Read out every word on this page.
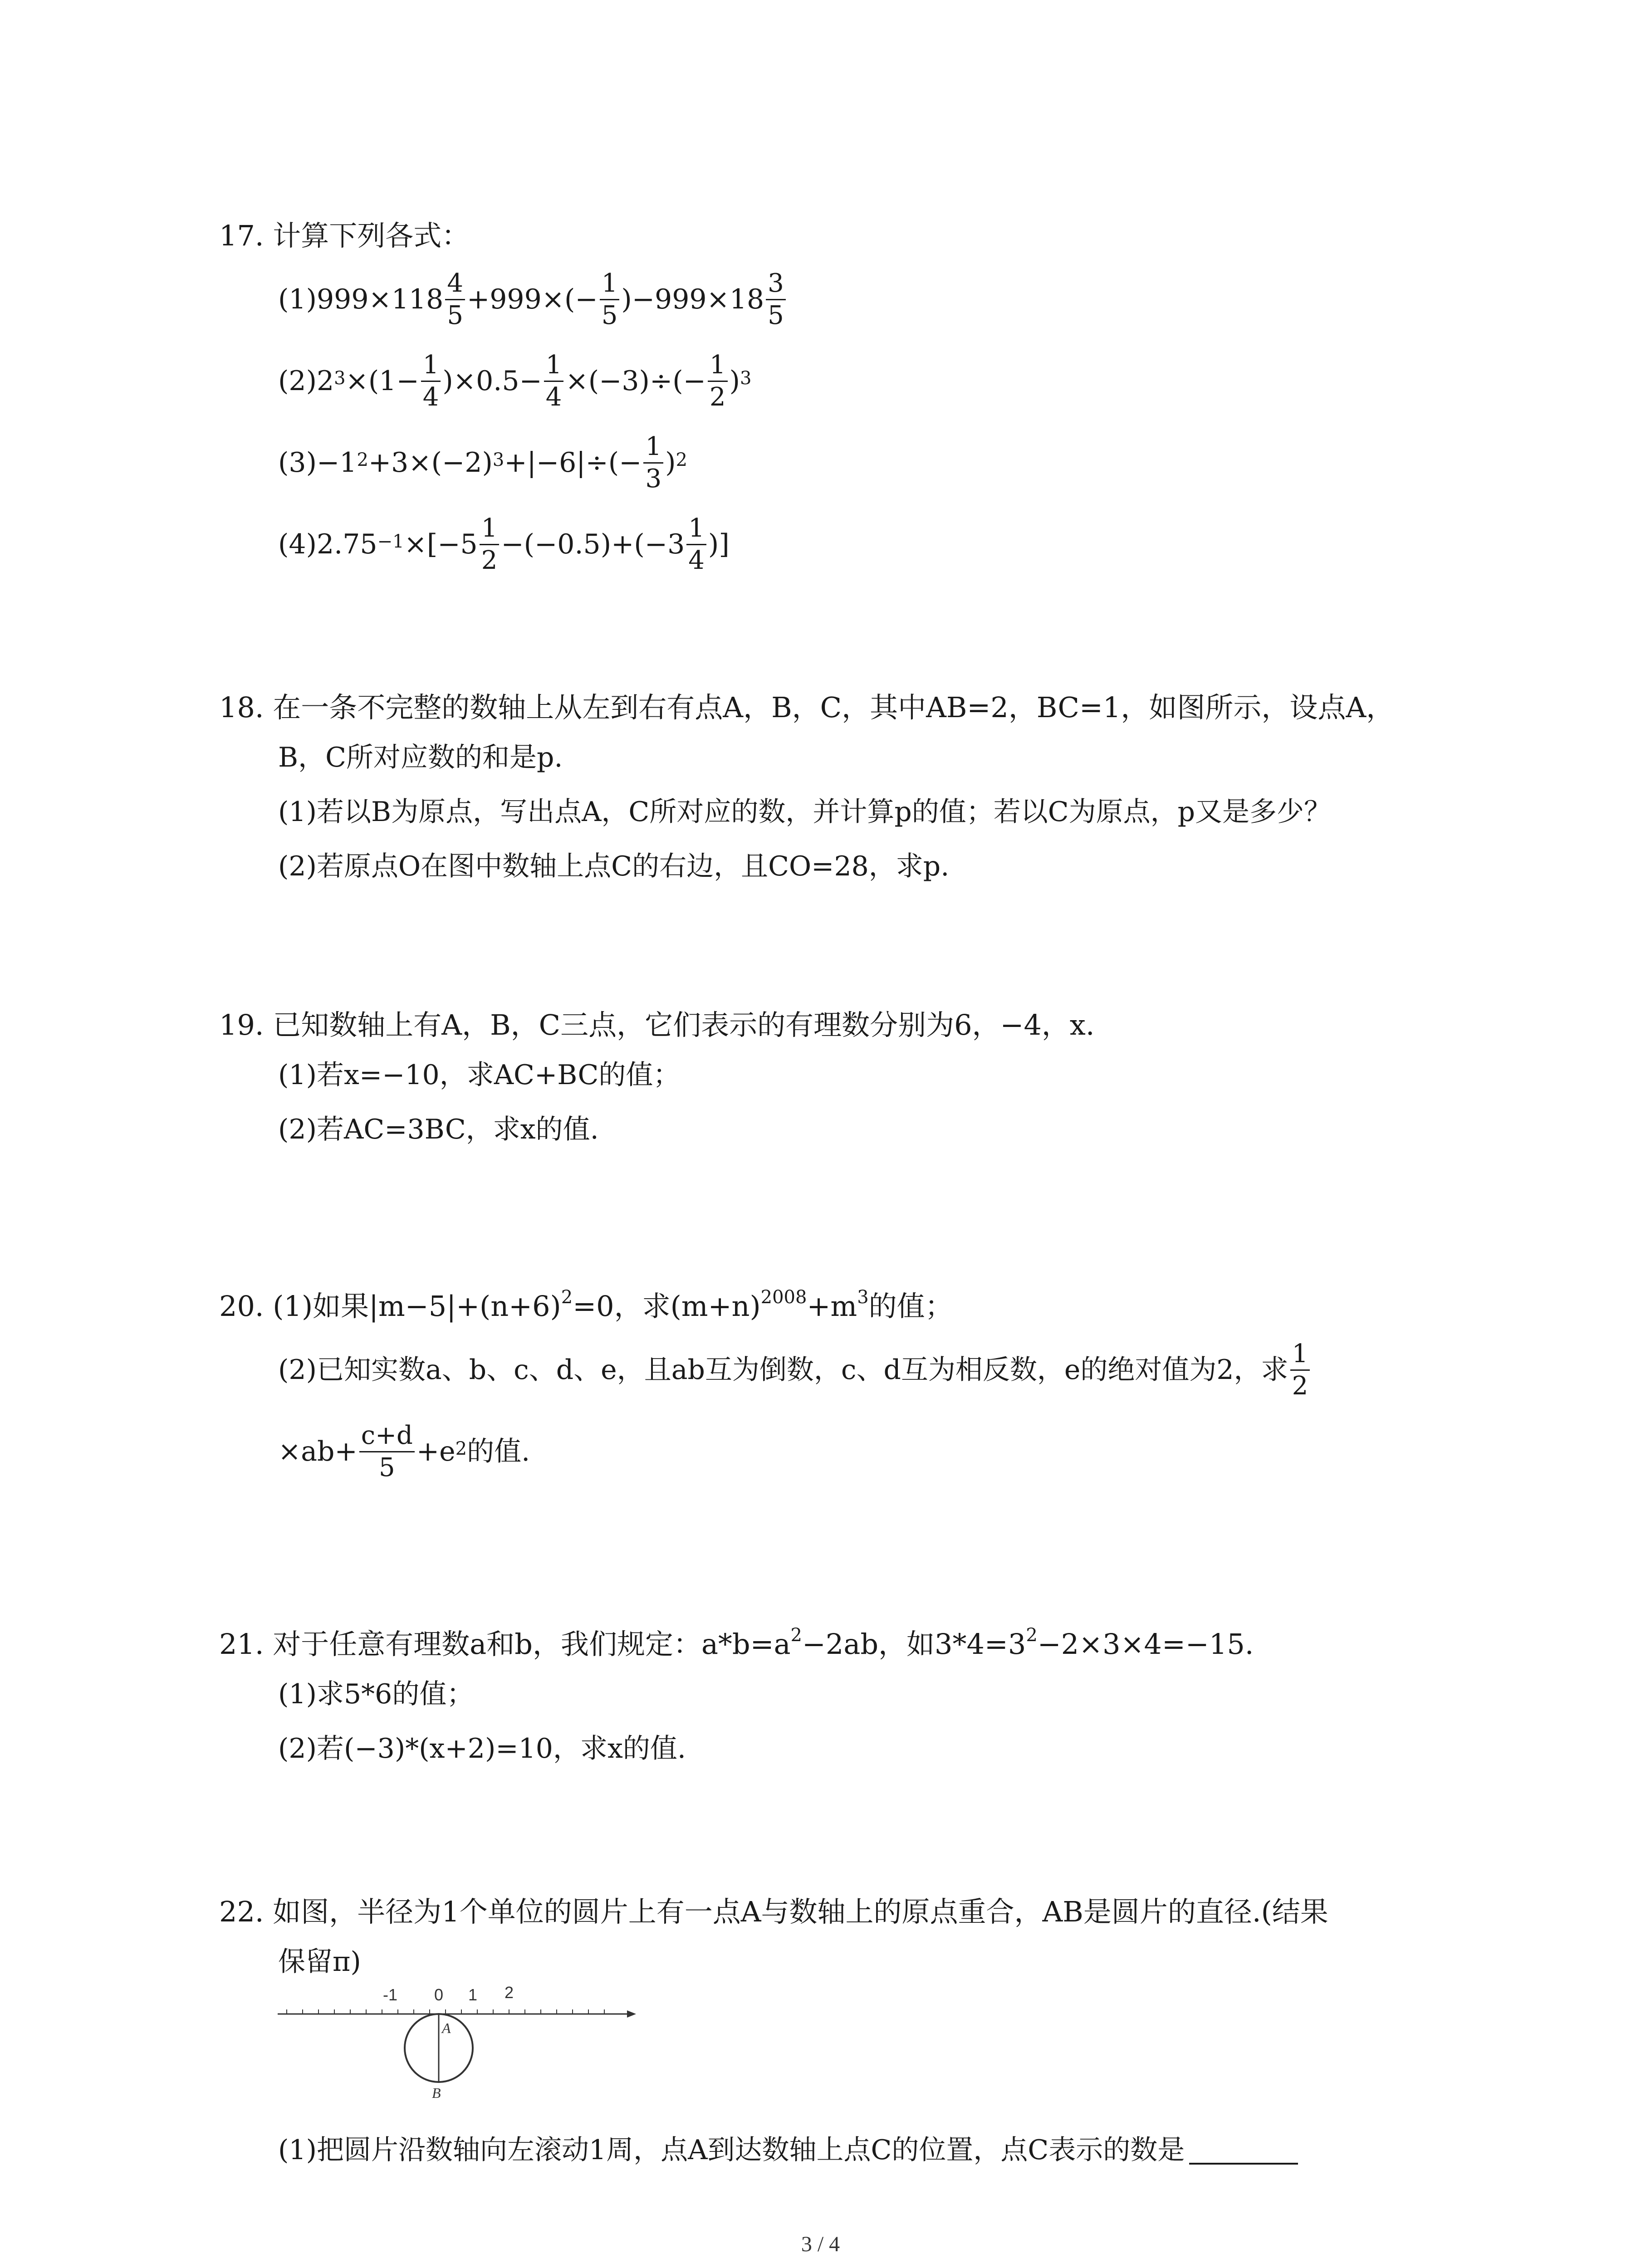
17. 计算下列各式：
$(1)999\times 118 \frac{4}{5} +999\times(- \frac{1}{5} )-999\times 18 \frac{3}{5}$
$(2)2^3 \times(1- \frac{1}{4} )\times 0.5- \frac{1}{4} \times(-3)\div(- \frac{1}{2} )^3$
$(3)-1^2 +3\times(-2)^3 +|-6|\div(- \frac{1}{3} )^2$
$(4)2.75^{-1} \times[-5 \frac{1}{2} -(-0.5)+(-3 \frac{1}{4}$ )]
18. 在一条不完整的数轴上从左到右有点A，B，C，其中AB=2，BC=1，如图所示，设点A，
B，C所对应数的和是p.
(1)若以B为原点，写出点A，C所对应的数，并计算p的值；若以C为原点，p又是多少？
(2)若原点O在图中数轴上点C的右边，且CO=28，求p.
19. 已知数轴上有A，B，C三点，它们表示的有理数分别为6，−4，x.
(1)若x=−10，求AC+BC的值；
(2)若AC=3BC，求x的值.
20. (1)如果$|m-5|+(n+6)^2=0$，求$(m+n)^{2008}+m^3$的值；
(2)已知实数a、b、c、d、e，且ab互为倒数，c、d互为相反数，e的绝对值为2，求 $\frac{1}{2}$
$\times ab+ \frac{c+d}{5} +e^2$ 的值.
21. 对于任意有理数a和b，我们规定：$a*b=a^2-2ab$，如$3*4=3^2-2\times 3\times 4=-15$.
(1)求5*6的值；
(2)若(−3)*(x+2)=10，求x的值.
22. 如图，半径为1个单位的圆片上有一点A与数轴上的原点重合，AB是圆片的直径.(结果
保留π)
-1 0 1 2
A
B
(1)把圆片沿数轴向左滚动1周，点A到达数轴上点C的位置，点C表示的数是
3 / 4
